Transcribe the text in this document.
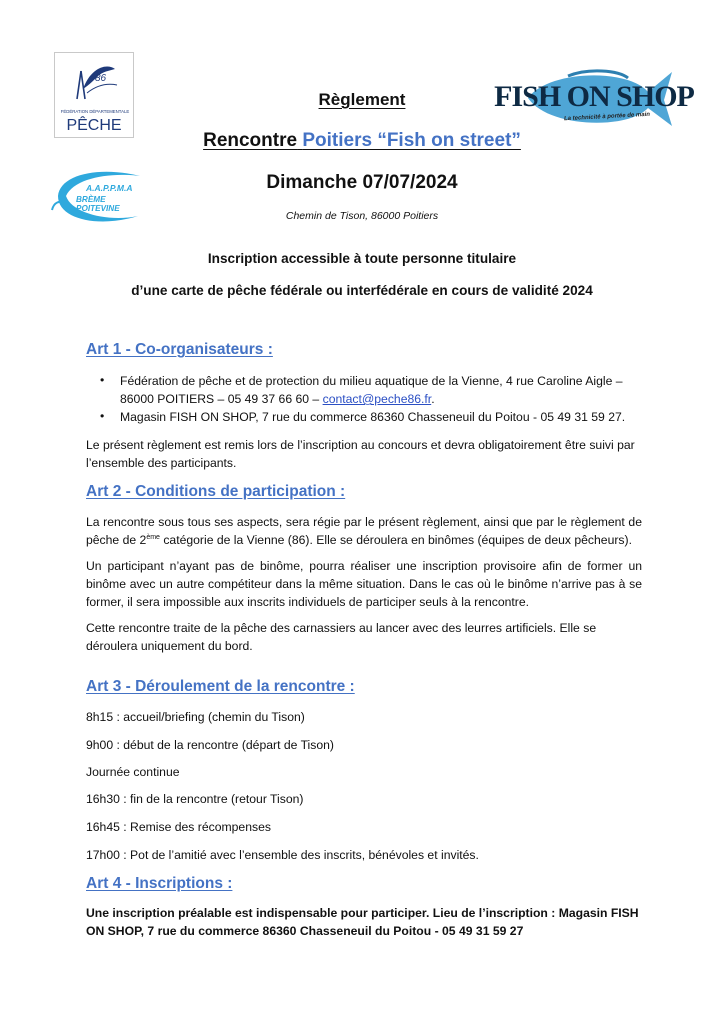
86
FÉDÉRATION DÉPARTEMENTALE
PÊCHE
A.A.P.P.M.A
BRÈME POITEVINE
FISH ON SHOP
La technicité à portée de main
Règlement
Rencontre Poitiers “Fish on street”
Dimanche 07/07/2024
Chemin de Tison, 86000 Poitiers
Inscription accessible à toute personne titulaire
d’une carte de pêche fédérale ou interfédérale en cours de validité 2024
Art 1 - Co-organisateurs :
• Fédération de pêche et de protection du milieu aquatique de la Vienne, 4 rue Caroline Aigle –
86000 POITIERS – 05 49 37 66 60 – contact@peche86.fr.
• Magasin FISH ON SHOP, 7 rue du commerce 86360 Chasseneuil du Poitou - 05 49 31 59 27.
Le présent règlement est remis lors de l’inscription au concours et devra obligatoirement être suivi par l’ensemble des participants.
Art 2 - Conditions de participation :
La rencontre sous tous ses aspects, sera régie par le présent règlement, ainsi que par le règlement de pêche de 2ème catégorie de la Vienne (86). Elle se déroulera en binômes (équipes de deux pêcheurs).
Un participant n’ayant pas de binôme, pourra réaliser une inscription provisoire afin de former un binôme avec un autre compétiteur dans la même situation. Dans le cas où le binôme n’arrive pas à se former, il sera impossible aux inscrits individuels de participer seuls à la rencontre.
Cette rencontre traite de la pêche des carnassiers au lancer avec des leurres artificiels. Elle se déroulera uniquement du bord.
Art 3 - Déroulement de la rencontre :
8h15 : accueil/briefing (chemin du Tison)
9h00 : début de la rencontre (départ de Tison)
Journée continue
16h30 : fin de la rencontre (retour Tison)
16h45 : Remise des récompenses
17h00 : Pot de l’amitié avec l’ensemble des inscrits, bénévoles et invités.
Art 4 - Inscriptions :
Une inscription préalable est indispensable pour participer. Lieu de l’inscription : Magasin FISH ON SHOP, 7 rue du commerce 86360 Chasseneuil du Poitou - 05 49 31 59 27
